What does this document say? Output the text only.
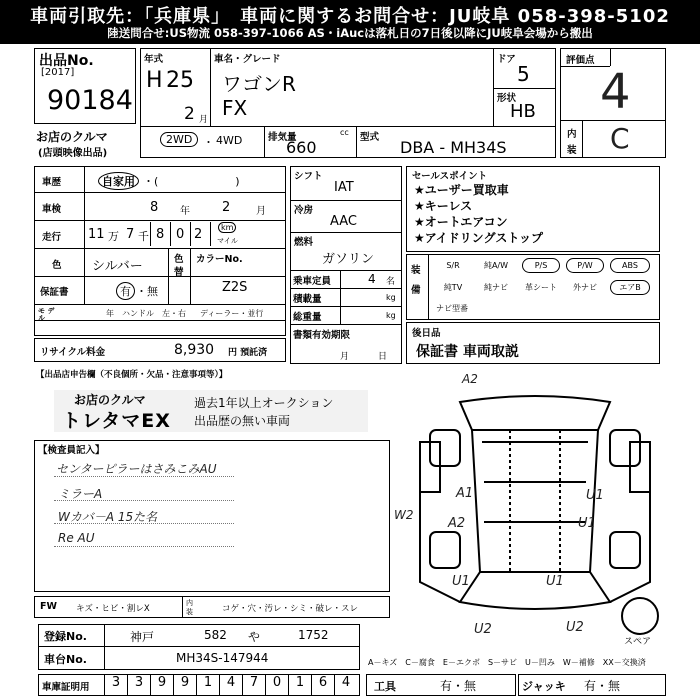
車両引取先：「兵庫県」　車両に関するお問合せ：JU岐阜 058-398-5102
陸送問合せ:US物流 058-397-1066 AS・iAucは落札日の7日後以降にJU岐阜会場から搬出
出品No.
[2017]
90184
お店のクルマ
(店頭映像出品)
年式
H 25
2 月
車名・グレード
ワゴンR
FX
ドア
5
形状
HB
2WD ・ 4WD	排気量	cc
660
型式
DBA - MH34S
評価点
4
内
装 C
車歴	自家用 ・(　　　　　　　)
車検	8 年 2	月
走行 11 万 7 千 8 0 2	km
マイル
色 シルバー	色
替
カラーNo.
Z2S
保証書	有 ・無
モ デ
ル	年 ハンドル　左・右 ディーラー・並行
リサイクル料金	8,930 円 預託済
シフト
IAT
冷房
AAC
燃料
ガソリン
乗車定員	4 名
積載量	kg
総重量	kg
書類有効期限
月	日
セールスポイント
★ユーザー買取車
★キーレス
★オートエアコン
★アイドリングストップ
装
備
S/R	純A/W	P/S	P/W	ABS
純TV	純ナビ	革シート	外ナビ	エアB
ナビ型番
後日品
保証書 車両取説
【出品店申告欄（不良個所・欠品・注意事項等）】
お店のクルマ
トレタマEX
過去1年以上オークション
出品歴の無い車両
【検査員記入】
センターピラーはさみこみAU
ミラーA
Wカバ－A 15た名
Re AU
FW キズ・ヒビ・割レX
内
装	コゲ・穴・汚レ・シミ・破レ・スレ
A2
W2
A1	U1
A2	U1
U1	U1
U2	U2
スペア
登録No.	神戸	582 や	1752
車台No.	MH34S-147944	A－キズ　C－腐食　E－エクボ　S－サビ　U－凹み　W－補修　XX－交換済
車庫証明用	3	3	9	9	1	4	7	0	1	6	4	工具	有・無	ジャッキ 有・無
